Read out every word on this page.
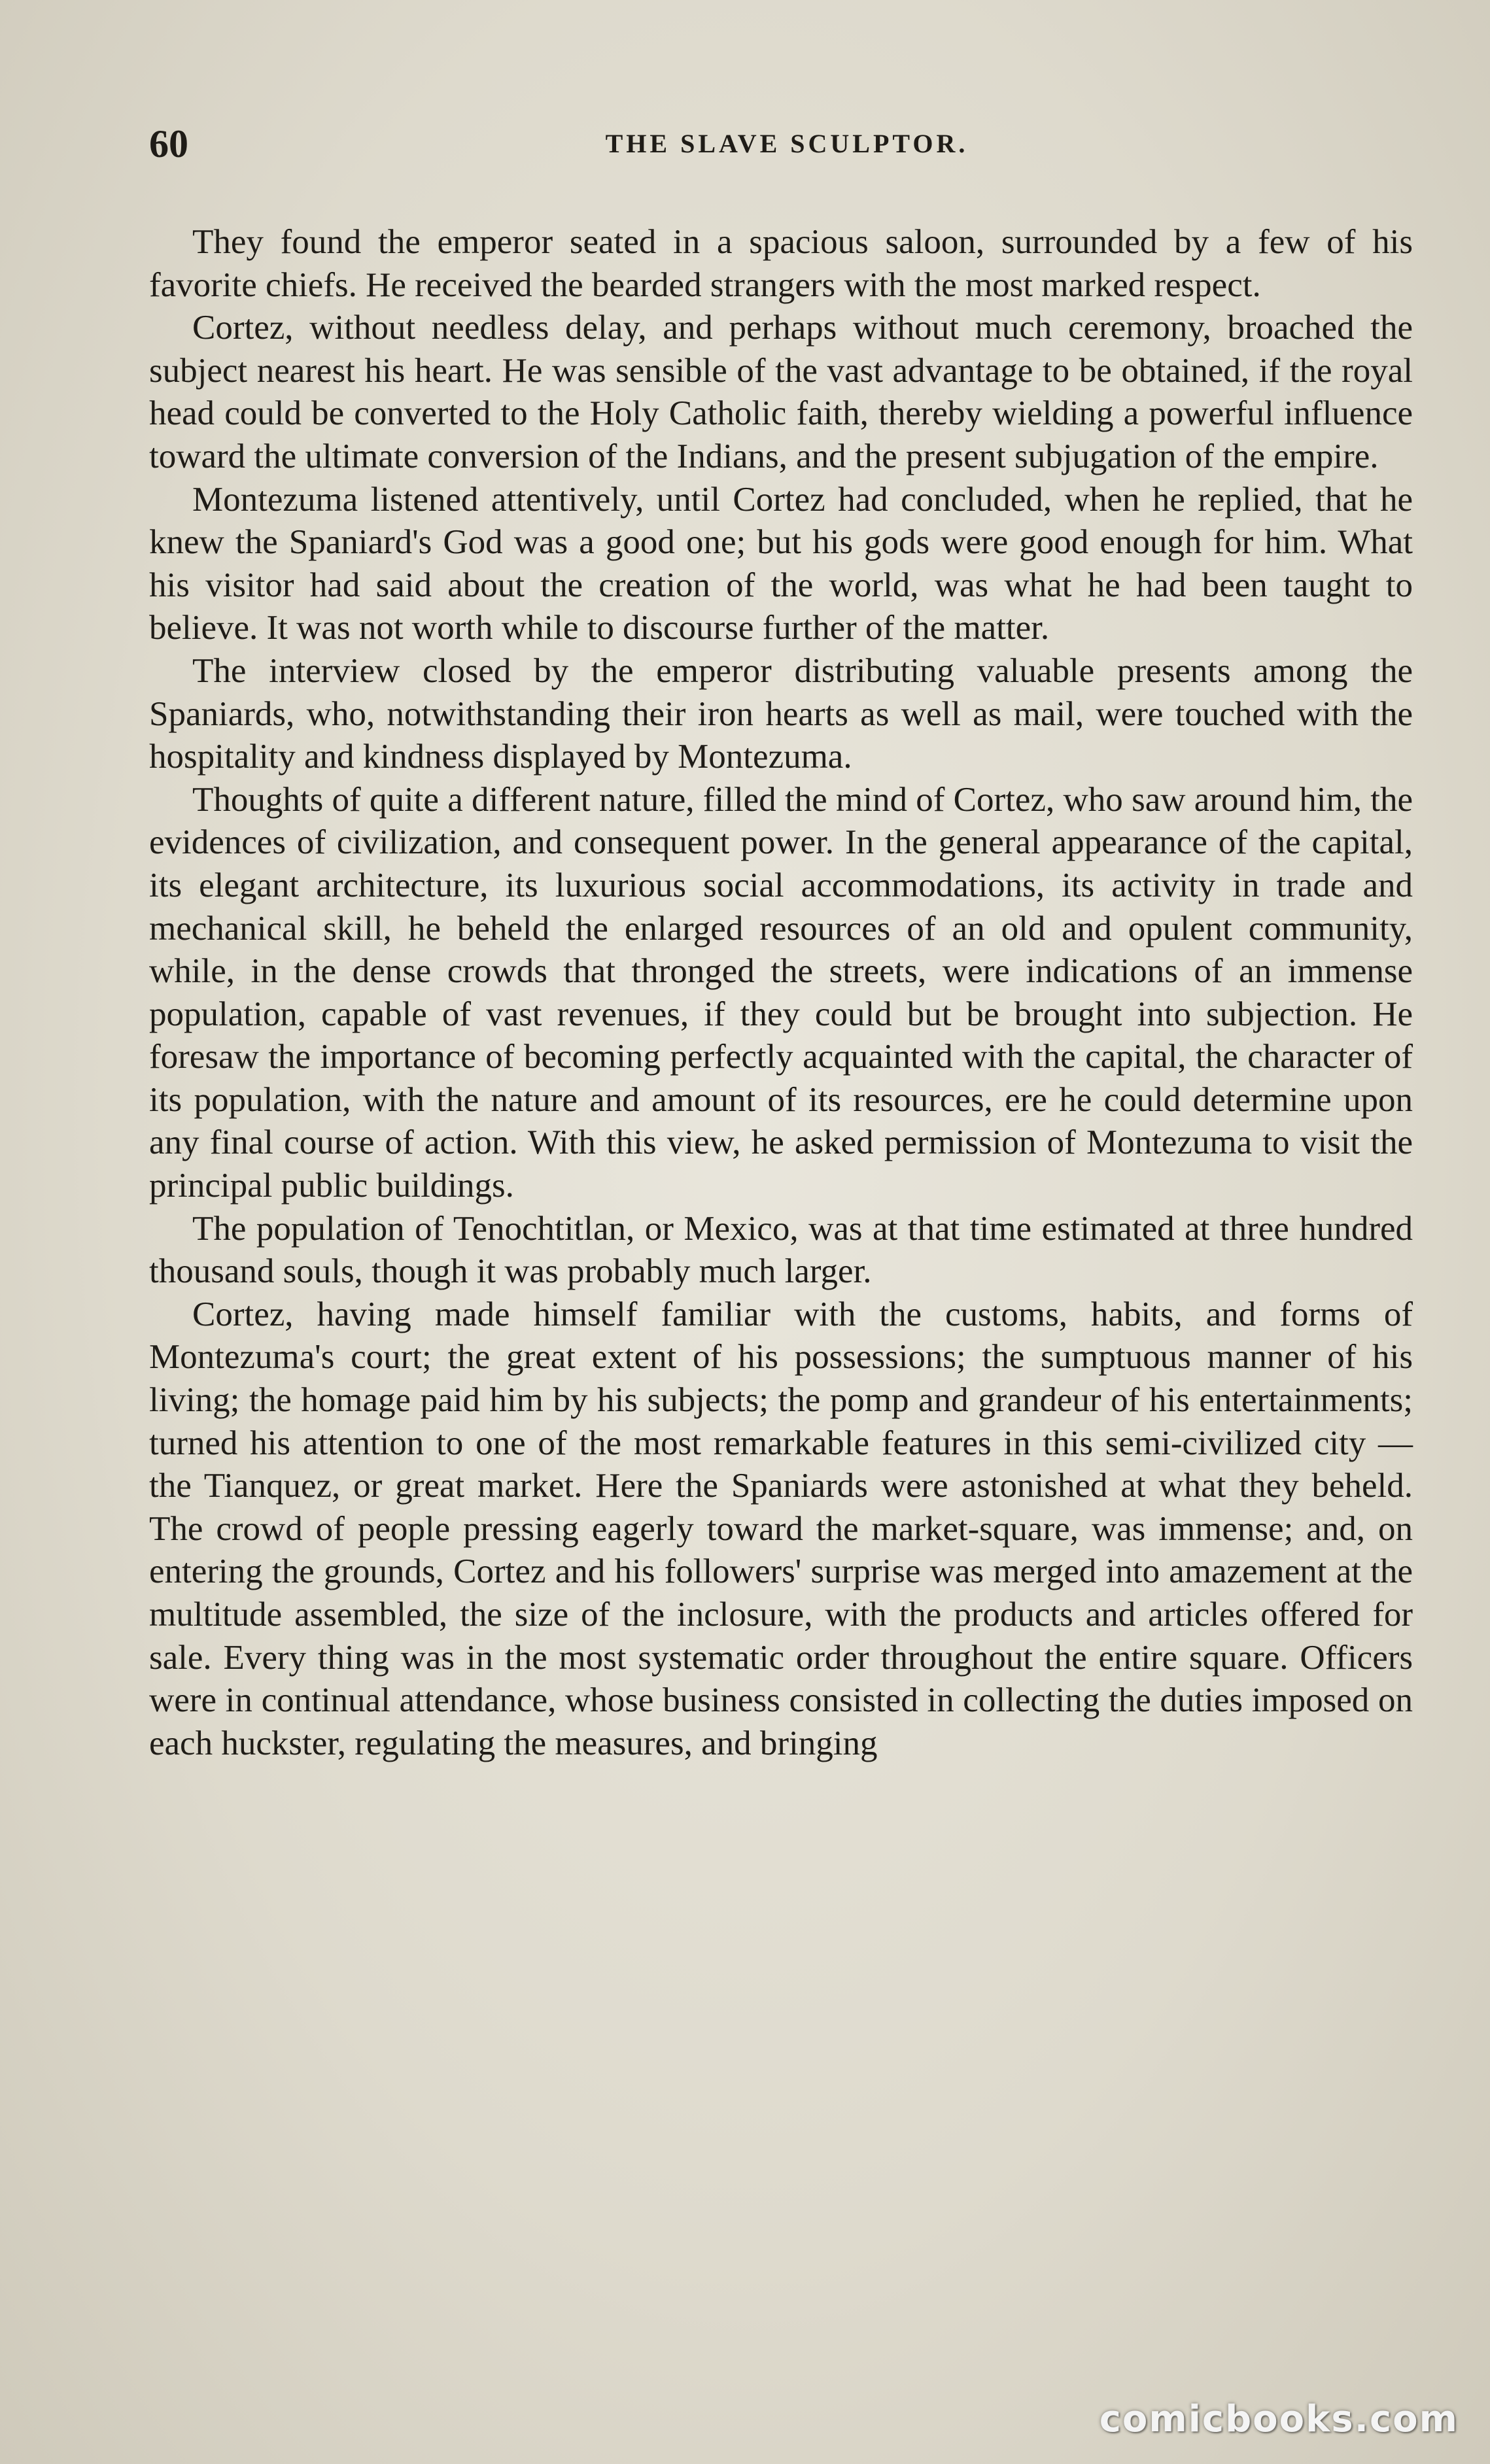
60	THE SLAVE SCULPTOR.

They found the emperor seated in a spacious saloon, surrounded by a few of his favorite chiefs. He received the bearded strangers with the most marked respect.

Cortez, without needless delay, and perhaps without much ceremony, broached the subject nearest his heart. He was sensible of the vast advantage to be obtained, if the royal head could be converted to the Holy Catholic faith, thereby wielding a powerful influence toward the ultimate conversion of the Indians, and the present subjugation of the empire.

Montezuma listened attentively, until Cortez had concluded, when he replied, that he knew the Spaniard's God was a good one; but his gods were good enough for him. What his visitor had said about the creation of the world, was what he had been taught to believe. It was not worth while to discourse further of the matter.

The interview closed by the emperor distributing valuable presents among the Spaniards, who, notwithstanding their iron hearts as well as mail, were touched with the hospitality and kindness displayed by Montezuma.

Thoughts of quite a different nature, filled the mind of Cortez, who saw around him, the evidences of civilization, and consequent power. In the general appearance of the capital, its elegant architecture, its luxurious social accommodations, its activity in trade and mechanical skill, he beheld the enlarged resources of an old and opulent community, while, in the dense crowds that thronged the streets, were indications of an immense population, capable of vast revenues, if they could but be brought into subjection. He foresaw the importance of becoming perfectly acquainted with the capital, the character of its population, with the nature and amount of its resources, ere he could determine upon any final course of action. With this view, he asked permission of Montezuma to visit the principal public buildings.

The population of Tenochtitlan, or Mexico, was at that time estimated at three hundred thousand souls, though it was probably much larger.

Cortez, having made himself familiar with the customs, habits, and forms of Montezuma's court; the great extent of his possessions; the sumptuous manner of his living; the homage paid him by his subjects; the pomp and grandeur of his entertainments; turned his attention to one of the most remarkable features in this semi-civilized city — the Tianquez, or great market. Here the Spaniards were astonished at what they beheld. The crowd of people pressing eagerly toward the market-square, was immense; and, on entering the grounds, Cortez and his followers' surprise was merged into amazement at the multitude assembled, the size of the inclosure, with the products and articles offered for sale. Every thing was in the most systematic order throughout the entire square. Officers were in continual attendance, whose business consisted in collecting the duties imposed on each huckster, regulating the measures, and bringing

comicbooks.com
